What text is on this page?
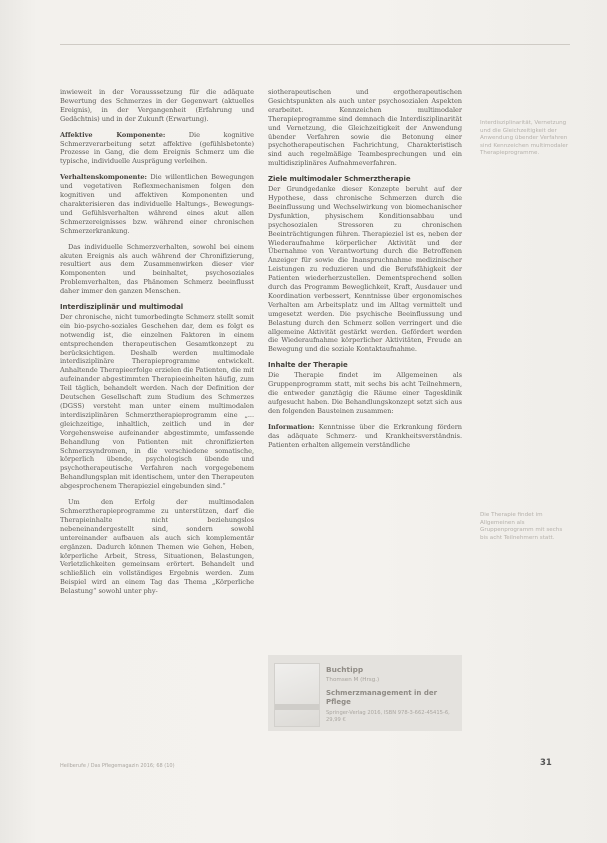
inwieweit in der Vorausssetzung für die adäquate Bewertung des Schmerzes in der Gegenwart (aktuelles Ereignis), in der Vergangenheit (Erfahrung und Gedächtnis) und in der Zukunft (Erwartung).

Affektive Komponente: Die kognitive Schmerzverarbeitung setzt affektive (gefühlsbetonte) Prozesse in Gang, die dem Ereignis Schmerz um die typische, individuelle Ausprägung verleihen.

Verhaltenskomponente: Die willentlichen Bewegungen und vegetativen Reflexmechanismen folgen den kognitiven und affektiven Komponenten und charakterisieren das individuelle Haltungs-, Bewegungs- und Gefühlsverhalten während eines akut allen Schmerzereignisses bzw. während einer chronischen Schmerzerkrankung.

Das individuelle Schmerzverhalten, sowohl bei einem akuten Ereignis als auch während der Chronifizierung, resultiert aus dem Zusammenwirken dieser vier Komponenten und beinhaltet, psychosoziales Problemverhalten, das Phänomen Schmerz beeinflusst daher immer den ganzen Menschen.

Interdisziplinär und multimodal

Der chronische, nicht tumorbedingte Schmerz stellt somit ein bio-psycho-soziales Geschehen dar, dem es folgt es notwendig ist, die einzelnen Faktoren in einem entsprechenden therapeutischen Gesamtkonzept zu berücksichtigen. Deshalb werden multimodale interdisziplinäre Therapieprogramme entwickelt. Anhaltende Therapieerfolge erzielen die Patienten, die mit aufeinander abgestimmten Therapieeinheiten häufig, zum Teil täglich, behandelt werden. Nach der Definition der Deutschen Gesellschaft zum Studium des Schmerzes (DGSS) versteht man unter einem multimodalen interdisziplinären Schmerztherapieprogramm eine „... gleichzeitige, inhaltlich, zeitlich und in der Vorgehensweise aufeinander abgestimmte, umfassende Behandlung von Patienten mit chronifizierten Schmerzsyndromen, in die verschiedene somatische, körperlich übende, psychologisch übende und psychotherapeutische Verfahren nach vorgegebenem Behandlungsplan mit identischem, unter den Therapeuten abgesprochenem Therapieziel eingebunden sind.“

Um den Erfolg der multimodalen Schmerztherapieprogramme zu unterstützen, darf die Therapieinhalte nicht beziehungslos nebeneinandergestellt sind, sondern sowohl untereinander aufbauen als auch sich komplementär ergänzen. Dadurch können Themen wie Gehen, Heben, körperliche Arbeit, Stress, Situationen, Belastungen, Verletzlichkeiten gemeinsam erörtert. Behandelt und schließlich ein vollständiges Ergebnis werden. Zum Beispiel wird an einem Tag das Thema „Körperliche Belastung“ sowohl unter phy-

siotherapeutischen und ergotherapeutischen Gesichtspunkten als auch unter psychosozialen Aspekten erarbeitet. Kennzeichen multimodaler Therapieprogramme sind demnach die Interdisziplinarität und Vernetzung, die Gleichzeitigkeit der Anwendung übender Verfahren sowie die Betonung einer psychotherapeutischen Fachrichtung, Charakteristisch sind auch regelmäßige Teambesprechungen und ein multidisziplinäres Aufnahmeverfahren.

Ziele multimodaler Schmerztherapie

Der Grundgedanke dieser Konzepte beruht auf der Hypothese, dass chronische Schmerzen durch die Beeinflussung und Wechselwirkung von biomechanischer Dysfunktion, physischem Konditionsabbau und psychosozialen Stressoren zu chronischen Beeinträchtigungen führen. Therapieziel ist es, neben der Wiederaufnahme körperlicher Aktivität und der Übernahme von Verantwortung durch die Betroffenen Anzeiger für sowie die Inanspruchnahme medizinischer Leistungen zu reduzieren und die Berufsfähigkeit der Patienten wiederherzustellen. Dementsprechend sollen durch das Programm Beweglichkeit, Kraft, Ausdauer und Koordination verbessert, Kenntnisse über ergonomisches Verhalten am Arbeitsplatz und im Alltag vermittelt und umgesetzt werden. Die psychische Beeinflussung und Belastung durch den Schmerz sollen verringert und die allgemeine Aktivität gestärkt werden. Gefördert werden die Wiederaufnahme körperlicher Aktivitäten, Freude an Bewegung und die soziale Kontaktaufnahme.

Inhalte der Therapie

Die Therapie findet im Allgemeinen als Gruppenprogramm statt, mit sechs bis acht Teilnehmern, die entweder ganztägig die Räume einer Tagesklinik aufgesucht haben. Die Behandlungskonzept setzt sich aus den folgenden Bausteinen zusammen:

Information: Kenntnisse über die Erkrankung fördern das adäquate Schmerz- und Krankheitsverständnis. Patienten erhalten allgemein verständliche

Interdisziplinarität, Vernetzung und die Gleichzeitigkeit der Anwendung übender Verfahren sind Kennzeichen multimodaler Therapieprogramme.
Die Therapie findet im Allgemeinen als Gruppenprogramm mit sechs bis acht Teilnehmern statt.
Buchtipp
Thomsen M (Hrsg.)
Schmerzmanagement in der Pflege
Springer-Verlag 2016, ISBN 978-3-662-45415-6, 29,99 €
Heilberufe / Das Pflegemagazin 2016; 68 (10)	31
